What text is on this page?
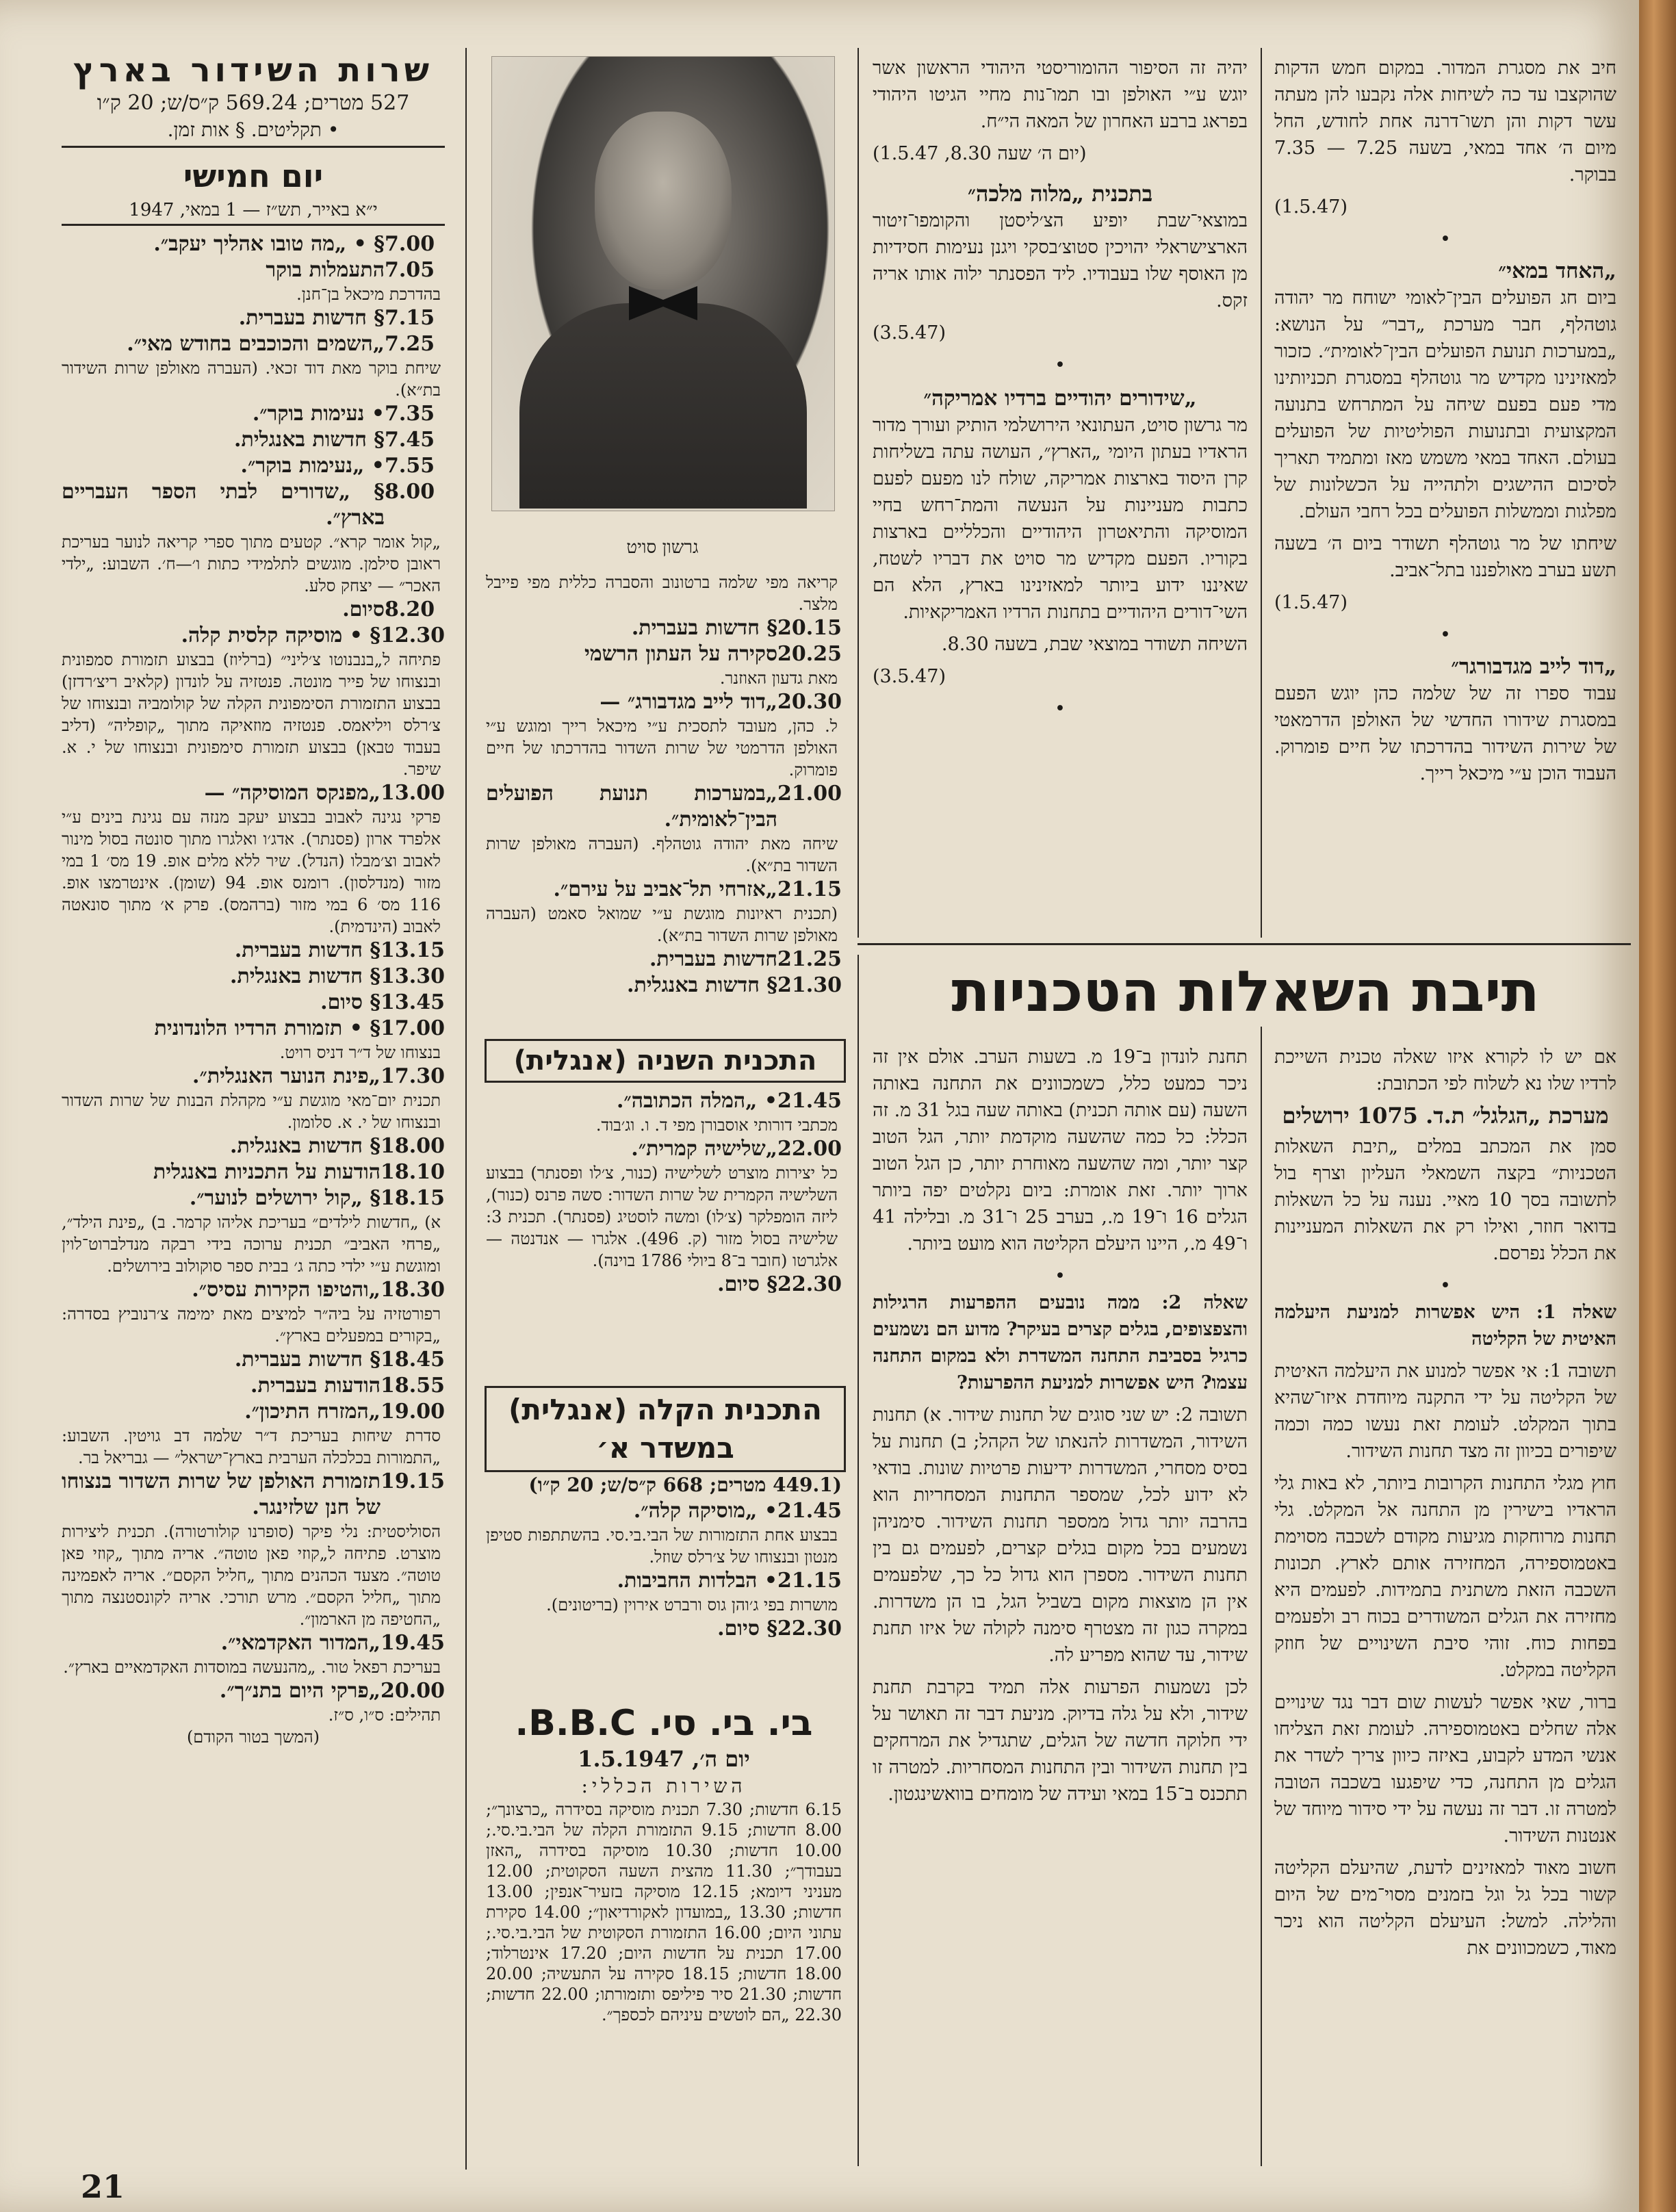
שרות השידור בארץ
527 מטרים; 569.24 ק״ס/ש; 20 ק״ו
• תקליטים. § אות זמן.
יום חמישי
י״א באייר, תש״ז — 1 במאי, 1947
7.00
§ • „מה טובו אהליך יעקב״.
7.05
התעמלות בוקר
בהדרכת מיכאל בן־חנן.
7.15
§ חדשות בעברית.
7.25
„השמים והכוכבים בחודש מאי״.
שיחת בוקר מאת דוד זכאי. (העברה מאולפן שרות השידור בת״א).
7.35
• נעימות בוקר״.
7.45
§ חדשות באנגלית.
7.55
• „נעימות בוקר״.
8.00
§ „שדורים לבתי הספר העבריים בארץ״.
„קול אומר קרא״. קטעים מתוך ספרי קריאה לנוער בעריכת ראובן סילמן. מוגשים לתלמידי כתות ו׳—ח׳. השבוע: „ילדי האכר״ — יצחק סלע.
8.20
סיום.
12.30
§ • מוסיקה קלסית קלה.
פתיחה ל„בנבנוטו צ׳ליני״ (ברליוז) בבצוע תזמורת סמפונית ובנצוחו של פייר מונטה. פנטזיה על לונדון (קלאיב ריצ׳רדזן) בבצוע התזמורת הסימפונית הקלה של קולומביה ובנצוחו של צ׳רלס ויליאמס. פנטזיה מוזאיקה מתוך „קופליה״ (דליב בעבוד טבאן) בבצוע תזמורת סימפונית ובנצוחו של י. א. שיפר.
13.00
„מפנקס המוסיקה״ —
פרקי נגינה לאבוב בבצוע יעקב מנזה עם נגינת בינים ע״י אלפרד ארון (פסנתר). אדג׳ו ואלגרו מתוך סונטה בסול מינור לאבוב וצ׳מבלו (הנדל). שיר ללא מלים אופ. 19 מס׳ 1 במי מזור (מנדלסון). רומנס אופ. 94 (שומן). אינטרמצו אופ. 116 מס׳ 6 במי מזור (ברהמס). פרק א׳ מתוך סונאטה לאבוב (הינדמית).
13.15
§ חדשות בעברית.
13.30
§ חדשות באנגלית.
13.45
§ סיום.
17.00
§ • תזמורת הרדיו הלונדונית
בנצוחו של ד״ר דניס רויט.
17.30
„פינת הנוער האנגלית״.
תכנית יום־מאי מוגשת ע״י מקהלת הבנות של שרות השדור ובנצוחו של י. א. סלומון.
18.00
§ חדשות באנגלית.
18.10
הודעות על התכניות באנגלית
18.15
§ „קול ירושלים לנוער״.
א) „חדשות לילדים״ בעריכת אליהו קרמר. ב) „פינת הילד״, „פרחי האביב״ תכנית ערוכה בידי רבקה מנדלברוט־לוין ומוגשת ע״י ילדי כתה ג׳ בבית ספר סוקולוב בירושלים.
18.30
„והטיפו הקירות עסיס״.
רפורטזיה על ביה״ר למיצים מאת ימימה צ׳רנוביץ בסדרה: „בקורים במפעלים בארץ״.
18.45
§ חדשות בעברית.
18.55
הודעות בעברית.
19.00
„המזרח התיכון״.
סדרת שיחות בעריכת ד״ר שלמה דב גויטין. השבוע: „התמורות בכלכלה הערבית בארץ־ישראל״ — גבריאל בר.
19.15
תזמורת האולפן של שרות השדור בנצוחו של חנן שלזינגר.
הסוליסטית: נלי פיקר (סופרנו קולורטורה). תכנית ליצירות מוצרט. פתיחה ל„קוזי פאן טוטה״. אריה מתוך „קוזי פאן טוטה״. מצעד הכהנים מתוך „חליל הקסם״. אריה לאפמינה מתוך „חליל הקסם״. מרש תורכי. אריה לקונסטנצה מתוך „החטיפה מן הארמון״.
19.45
„המדור האקדמאי״.
בעריכת רפאל טור. „מהנעשה במוסדות האקדמאיים בארץ״.
20.00
„פרקי היום בתנ״ך״.
תהילים: ס״ו, ס״ז.
(המשך בטור הקודם)
21
גרשון סויט
קריאה מפי שלמה ברטונוב והסברה כללית מפי פייבל מלצר.
20.15
§ חדשות בעברית.
20.25
סקירה על העתון הרשמי
מאת גדעון האוזנר.
20.30
„דוד לייב מגדבורג״ —
ל. כהן, מעובד לתסכית ע״י מיכאל רייך ומוגש ע״י האולפן הדרמטי של שרות השדור בהדרכתו של חיים פומרוק.
21.00
„במערכות תנועת הפועלים הבין־לאומית״.
שיחה מאת יהודה גוטהלף. (העברה מאולפן שרות השדור בת״א).
21.15
„אזרחי תל־אביב על עירם״.
(תכנית ראיונות מוגשת ע״י שמואל סאמט (העברה מאולפן שרות השדור בת״א).
21.25
חדשות בעברית.
21.30
§ חדשות באנגלית.
התכנית השניה (אנגלית)
21.45
• „המלה הכתובה״.
מכתבי דורותי אוסבורן מפי ד. ו. וג׳בוד.
22.00
„שלישיה קמרית״.
כל יצירות מוצרט לשלישיה (כנור, צ׳לו ופסנתר) בבצוע השלישיה הקמרית של שרות השדור: סשה פרנס (כנור), ליזה הומפלקר (צ׳לו) ומשה לוסטיג (פסנתר). תכנית 3: שלישיה בסול מזור (ק. 496). אלגרו — אנדנטה — אלגרטו (חובר ב־8 ביולי 1786 בוינה).
22.30
§ סיום.
התכנית הקלה (אנגלית) במשדר א׳
(449.1 מטרים; 668 ק״ס/ש; 20 ק״ו)
21.45
• „מוסיקה קלה״.
בבצוע אחת התזמורות של הבי.בי.סי. בהשתתפות סטיפן מנטון ובנצוחו של צ׳רלס שוזל.
21.15
• הבלדות החביבות.
מושרות בפי ג׳והן גוס ורברט אירוין (בריטונים).
22.30
§ סיום.
בי. בי. סי. B.B.C.
יום ה׳, 1.5.1947
השירות הכללי:
6.15 חדשות; 7.30 תכנית מוסיקה בסידרה „כרצונך״; 8.00 חדשות; 9.15 התזמורת הקלה של הבי.בי.סי.; 10.00 חדשות; 10.30 מוסיקה בסידרה „האזן בעבודך״; 11.30 מהצית השעה הסקוטית; 12.00 מעניני דיומא; 12.15 מוסיקה בזעיר־אנפין; 13.00 חדשות; 13.30 „במועדון לאקורדיאון״; 14.00 סקירת עתוני היום; 16.00 התזמורת הסקוטית של הבי.בי.סי.; 17.00 תכנית על חדשות היום; 17.20 אינטרלוד; 18.00 חדשות; 18.15 סקירה על התעשיה; 20.00 חדשות; 21.30 סיר פיליפס ותזמורתו; 22.00 חדשות; 22.30 „הם לוטשים עיניהם לכספך״.

יהיה זה הסיפור ההומוריסטי היהודי הראשון אשר יוגש ע״י האולפן ובו תמו־נות מחיי הגיטו היהודי בפראג ברבע האחרון של המאה הי״ח.

(יום ה׳ שעה 8.30, 1.5.47)

בתכנית „מלוה מלכה״

במוצאי־שבת יופיע הצ׳ליסטן והקומפו־זיטור הארצישראלי יהויכין סטוצ׳בסקי ויגנן נעימות חסידיות מן האוסף שלו בעבודיו. ליד הפסנתר ילוה אותו אריה זקס.

(3.5.47)

•
„שידורים יהודיים ברדיו אמריקה״

מר גרשון סויט, העתונאי הירושלמי הותיק ועורך מדור הראדיו בעתון היומי „הארץ״, העושה עתה בשליחות קרן היסוד בארצות אמריקה, שולח לנו מפעם לפעם כתבות מעניינות על הנעשה והמת־רחש בחיי המוסיקה והתיאטרון היהודיים והכלליים בארצות בקוריו. הפעם מקדיש מר סויט את דבריו לשטח, שאיננו ידוע ביותר למאזינינו בארץ, הלא הם השי־דורים היהודיים בתחנות הרדיו האמריקאיות.

השיחה תשודר במוצאי שבת, בשעה 8.30.

(3.5.47)

•

חיב את מסגרת המדור. במקום חמש הדקות שהוקצבו עד כה לשיחות אלה נקבעו להן מעתה עשר דקות והן תשו־דרנה אחת לחודש, החל מיום ה׳ אחד במאי, בשעה 7.25 — 7.35 בבוקר.

(1.5.47)

•
„האחד במאי״

ביום חג הפועלים הבין־לאומי ישוחח מר יהודה גוטהלף, חבר מערכת „דבר״ על הנושא: „במערכות תנועת הפועלים הבין־לאומית״. כזכור למאזינינו מקדיש מר גוטהלף במסגרת תכניותינו מדי פעם בפעם שיחה על המתרחש בתנועה המקצועית ובתנועות הפוליטיות של הפועלים בעולם. האחד במאי משמש מאז ומתמיד תאריך לסיכום ההישגים ולתהייה על הכשלונות של מפלגות וממשלות הפועלים בכל רחבי העולם.

שיחתו של מר גוטהלף תשודר ביום ה׳ בשעה תשע בערב מאולפננו בתל־אביב.

(1.5.47)

•
„דוד לייב מגדבורגר״

עבוד ספרו זה של שלמה כהן יוגש הפעם במסגרת שידורו החדשי של האולפן הדרמאטי של שירות השידור בהדרכתו של חיים פומרוק. העבוד הוכן ע״י מיכאל רייך.

תיבת השאלות הטכניות

אם יש לו לקורא איזו שאלה טכנית השייכת לרדיו שלו נא לשלוח לפי הכתובת:

מערכת „הגלגל״ ת.ד. 1075 ירושלים

סמן את המכתב במלים „תיבת השאלות הטכניות״ בקצה השמאלי העליון וצרף בול לתשובה בסך 10 מאיי. נענה על כל השאלות בדואר חוזר, ואילו רק את השאלות המעניינות את הכלל נפרסם.

•

שאלה 1: היש אפשרות למניעת היעלמה האיטית של הקליטה

תשובה 1: אי אפשר למנוע את היעלמה האיטית של הקליטה על ידי התקנה מיוחדת איזו־שהיא בתוך המקלט. לעומת זאת נעשו כמה וכמה שיפורים בכיוון זה מצד תחנות השידור.

חוץ מגלי התחנות הקרובות ביותר, לא באות גלי הראדיו בישירין מן התחנה אל המקלט. גלי תחנות מרוחקות מגיעות מקודם לשכבה מסוימת באטמוספירה, המחזירה אותם לארץ. תכונות השכבה הזאת משתנית בתמידות. לפעמים היא מחזירה את הגלים המשודרים בכוח רב ולפעמים בפחות כוח. זוהי סיבת השינויים של חוזק הקליטה במקלט.

ברור, שאי אפשר לעשות שום דבר נגד שינויים אלה שחלים באטמוספירה. לעומת זאת הצליחו אנשי המדע לקבוע, באיזה כיוון צריך לשדר את הגלים מן התחנה, כדי שיפגעו בשכבה הטובה למטרה זו. דבר זה נעשה על ידי סידור מיוחד של אנטנות השידור.

חשוב מאוד למאזינים לדעת, שהיעלם הקליטה קשור בכל גל וגל בזמנים מסוי־מים של היום והלילה. למשל: העיעלם הקליטה הוא ניכר מאוד, כשמכוונים את

תחנת לונדון ב־19 מ. בשעות הערב. אולם אין זה ניכר כמעט כלל, כשמכוונים את התחנה באותה השעה (עם אותה תכנית) באותה שעה בגל 31 מ. זה הכלל: כל כמה שהשעה מוקדמת יותר, הגל הטוב קצר יותר, ומה שהשעה מאוחרת יותר, כן הגל הטוב ארוך יותר. זאת אומרת: ביום נקלטים יפה ביותר הגלים 16 ו־19 מ., בערב 25 ו־31 מ. ובלילה 41 ו־49 מ., היינו היעלם הקליטה הוא מועט ביותר.

•

שאלה 2: ממה נובעים ההפרעות הרגילות והצפצופים, בגלים קצרים בעיקר? מדוע הם נשמעים כרגיל בסביבת התחנה המשדרת ולא במקום התחנה עצמו? היש אפשרות למניעת ההפרעות?

תשובה 2: יש שני סוגים של תחנות שידור. א) תחנות השידור, המשדרות להנאתו של הקהל; ב) תחנות על בסיס מסחרי, המשדרות ידיעות פרטיות שונות. בודאי לא ידוע לכל, שמספר התחנות המסחריות הוא בהרבה יותר גדול ממספר תחנות השידור. סימניהן נשמעים בכל מקום בגלים קצרים, לפעמים גם בין תחנות השידור. מספרן הוא גדול כל כך, שלפעמים אין הן מוצאות מקום בשביל הגל, בו הן משדרות. במקרה כגון זה מצטרף סימנה לקולה של איזו תחנת שידור, עד שהוא מפריע לה.

לכן נשמעות הפרעות אלה תמיד בקרבת תחנת שידור, ולא על גלה בדיוק. מניעת דבר זה תאושר על ידי חלוקה חדשה של הגלים, שתגדיל את המרחקים בין תחנות השידור ובין התחנות המסחריות. למטרה זו תתכנס ב־15 במאי ועידה של מומחים בוואשינגטון.
